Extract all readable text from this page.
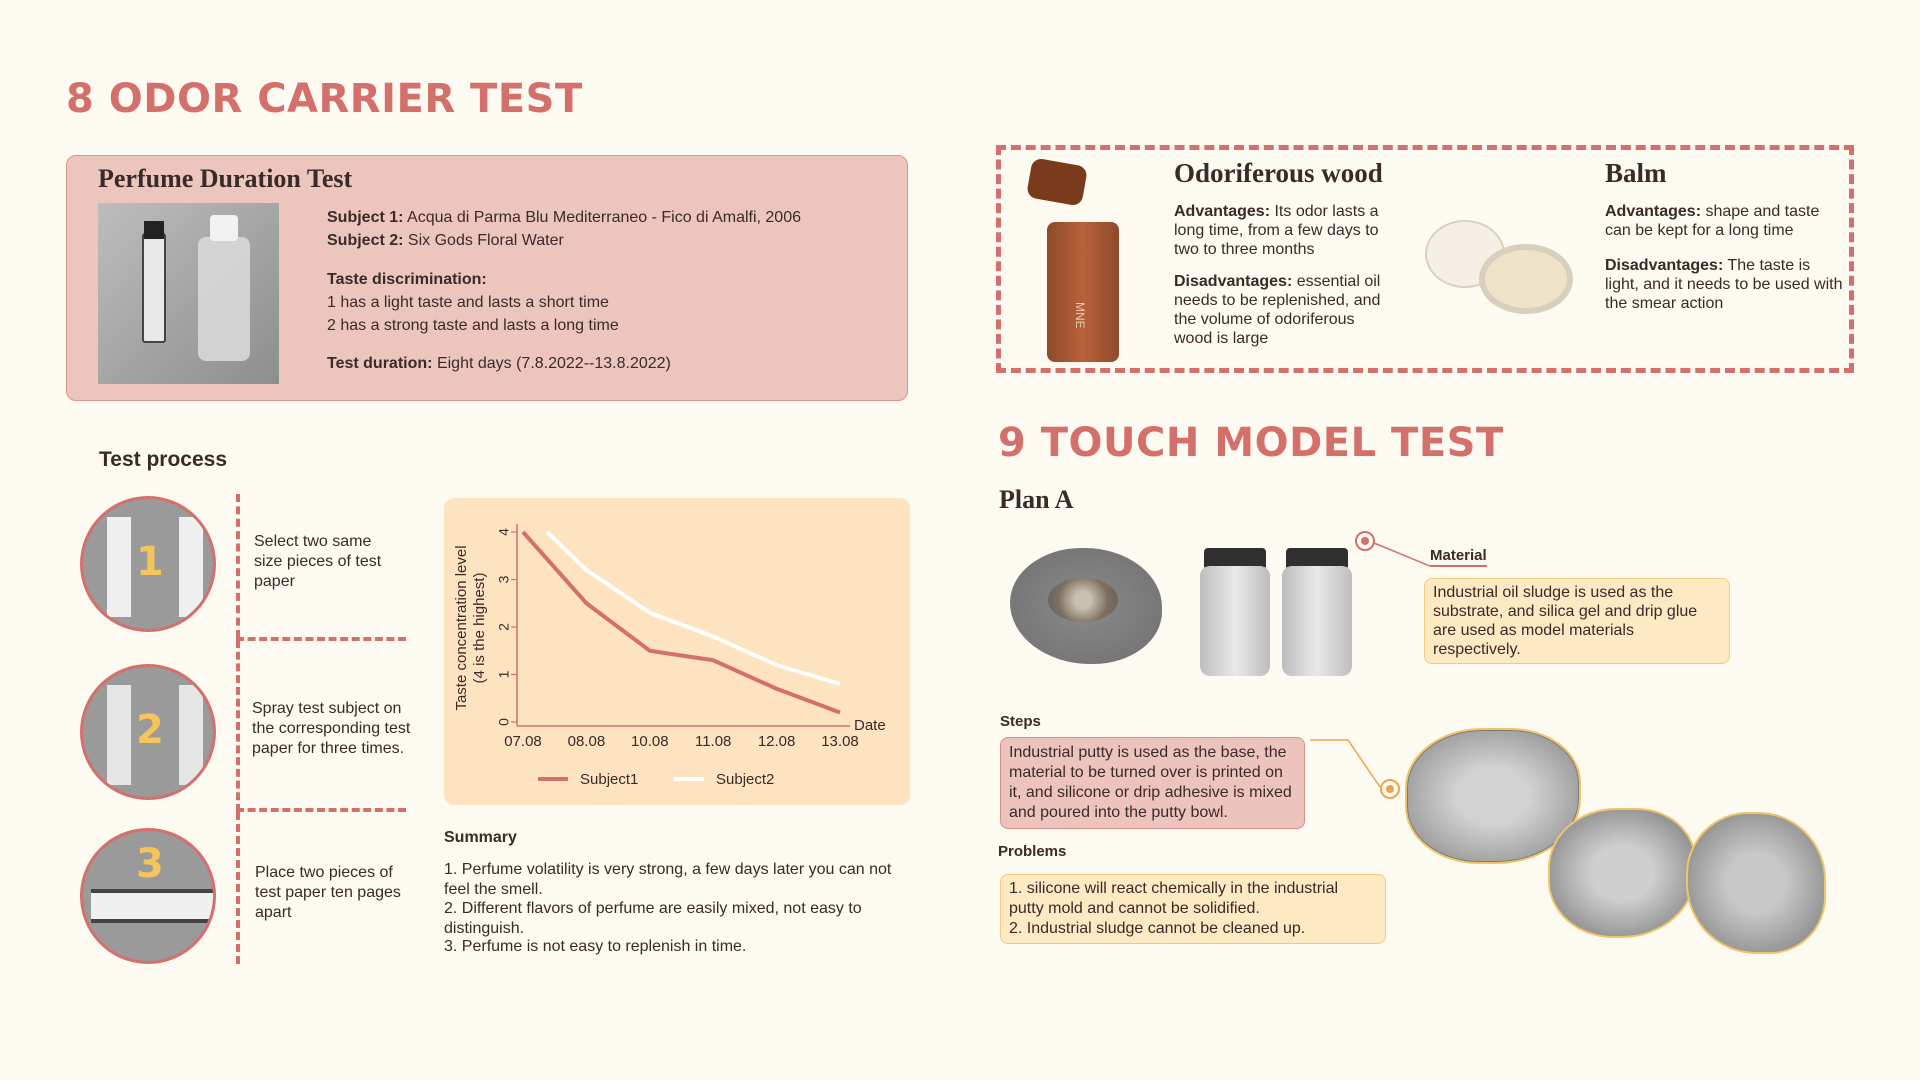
8 ODOR CARRIER TEST
Perfume Duration Test
Subject 1: Acqua di Parma Blu Mediterraneo - Fico di Amalfi, 2006
Subject 2: Six Gods Floral Water
Taste discrimination:
1 has a light taste and lasts a short time
2 has a strong taste and lasts a long time
Test duration: Eight days (7.8.2022--13.8.2022)
Test process
1	Select two same size pieces of test paper
2	Spray test subject on the corresponding test paper for three times.
3	Place two pieces of test paper ten pages apart
0
1
2
3
4
07.08 08.08 10.08 11.08 12.08 13.08
Date
Taste concentration level (4 is the highest)
Subject1	Subject2
Summary
1. Perfume volatility is very strong, a few days later you can not feel the smell.
2. Different flavors of perfume are easily mixed, not easy to distinguish.
3. Perfume is not easy to replenish in time.
MNE
Odoriferous wood
Advantages: Its odor lasts a long time, from a few days to two to three months
Disadvantages: essential oil needs to be replenished, and the volume of odoriferous wood is large
Balm
Advantages: shape and taste can be kept for a long time
Disadvantages: The taste is light, and it needs to be used with the smear action
9 TOUCH MODEL TEST
Plan A
Material
Industrial oil sludge is used as the substrate, and silica gel and drip glue are used as model materials respectively.
Steps
Industrial putty is used as the base, the material to be turned over is printed on it, and silicone or drip adhesive is mixed and poured into the putty bowl.
Problems
1. silicone will react chemically in the industrial putty mold and cannot be solidified.
2. Industrial sludge cannot be cleaned up.
